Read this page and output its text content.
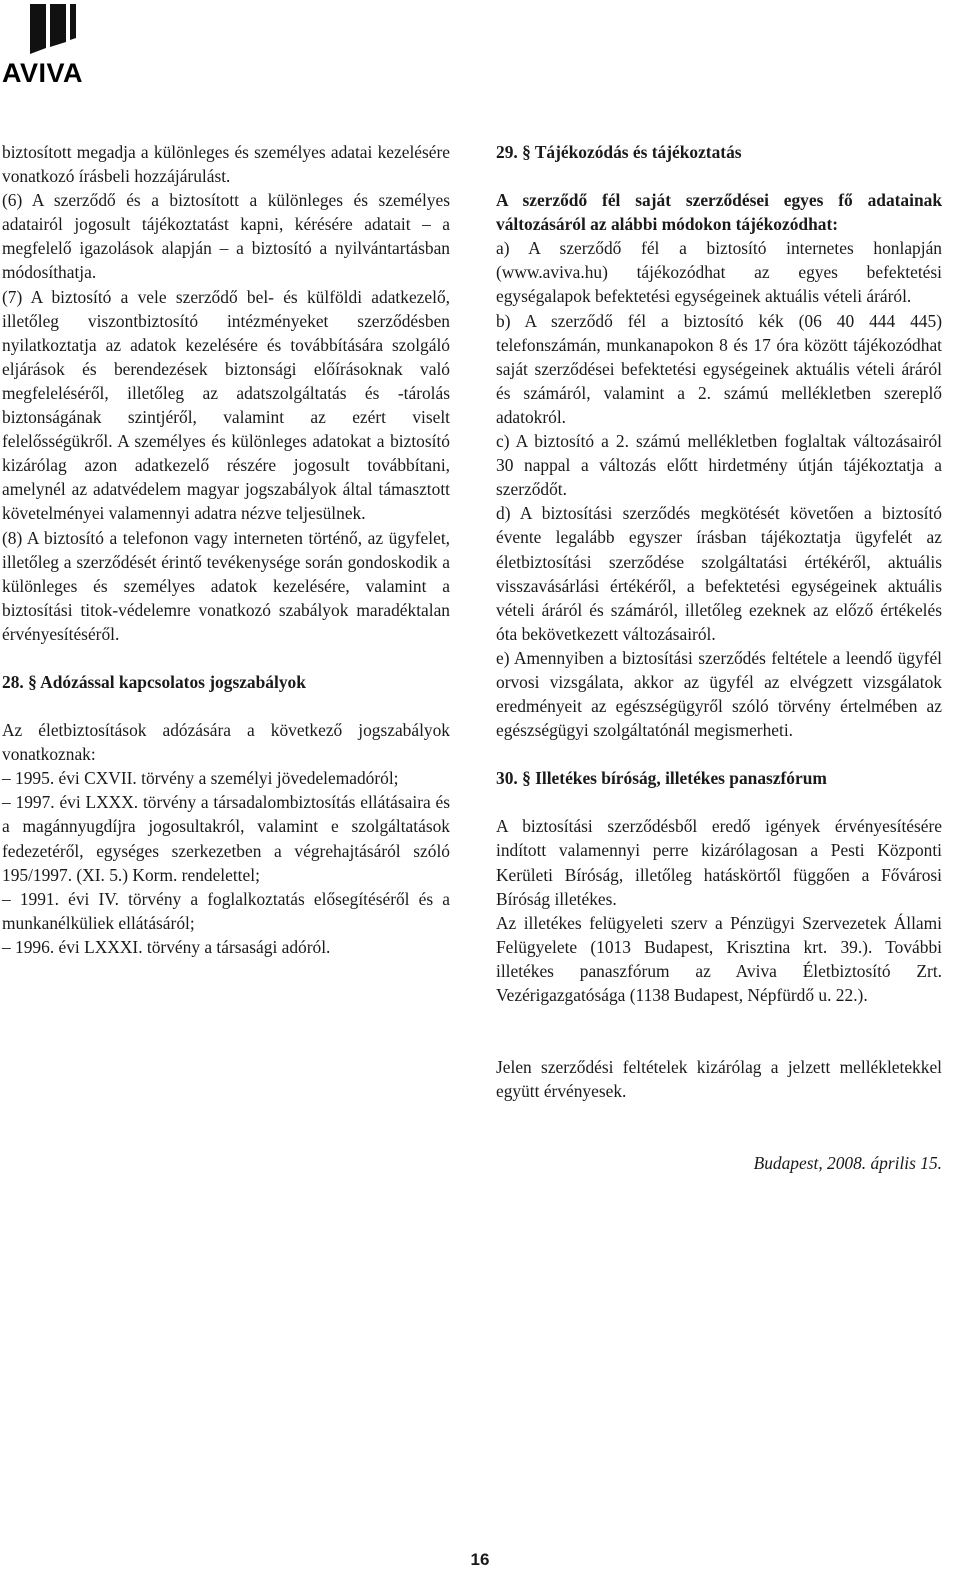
AVIVA

biztosított megadja a különleges és személyes adatai kezelésére vonatkozó írásbeli hozzájárulást.

(6) A szerződő és a biztosított a különleges és személyes adatairól jogosult tájékoztatást kapni, kérésére adatait – a megfelelő igazolások alapján – a biztosító a nyilvántartásban módosíthatja.

(7) A biztosító a vele szerződő bel- és külföldi adatkezelő, illetőleg viszontbiztosító intézményeket szerződésben nyilatkoztatja az adatok kezelésére és továbbítására szolgáló eljárások és berendezések biztonsági előírásoknak való megfeleléséről, illetőleg az adatszolgáltatás és -tárolás biztonságának szintjéről, valamint az ezért viselt felelősségükről. A személyes és különleges adatokat a biztosító kizárólag azon adatkezelő részére jogosult továbbítani, amelynél az adatvédelem magyar jogszabályok által támasztott követelményei valamennyi adatra nézve teljesülnek.

(8) A biztosító a telefonon vagy interneten történő, az ügyfelet, illetőleg a szerződését érintő tevékenysége során gondoskodik a különleges és személyes adatok kezelésére, valamint a biztosítási titok-védelemre vonatkozó szabályok maradéktalan érvényesítéséről.

28. § Adózással kapcsolatos jogszabályok

Az életbiztosítások adózására a következő jogszabályok vonatkoznak:

– 1995. évi CXVII. törvény a személyi jövedelemadóról;

– 1997. évi LXXX. törvény a társadalombiztosítás ellátásaira és a magánnyugdíjra jogosultakról, valamint e szolgáltatások fedezetéről, egységes szerkezetben a végrehajtásáról szóló 195/1997. (XI. 5.) Korm. rendelettel;

– 1991. évi IV. törvény a foglalkoztatás elősegítéséről és a munkanélküliek ellátásáról;

– 1996. évi LXXXI. törvény a társasági adóról.

29. § Tájékozódás és tájékoztatás

A szerződő fél saját szerződései egyes fő adatainak változásáról az alábbi módokon tájékozódhat:

a) A szerződő fél a biztosító internetes honlapján (www.aviva.hu) tájékozódhat az egyes befektetési egységalapok befektetési egységeinek aktuális vételi áráról.

b) A szerződő fél a biztosító kék (06 40 444 445) telefonszámán, munkanapokon 8 és 17 óra között tájékozódhat saját szerződései befektetési egységeinek aktuális vételi áráról és számáról, valamint a 2. számú mellékletben szereplő adatokról.

c) A biztosító a 2. számú mellékletben foglaltak változásairól 30 nappal a változás előtt hirdetmény útján tájékoztatja a szerződőt.

d) A biztosítási szerződés megkötését követően a biztosító évente legalább egyszer írásban tájékoztatja ügyfelét az életbiztosítási szerződése szolgáltatási értékéről, aktuális visszavásárlási értékéről, a befektetési egységeinek aktuális vételi áráról és számáról, illetőleg ezeknek az előző értékelés óta bekövetkezett változásairól.

e) Amennyiben a biztosítási szerződés feltétele a leendő ügyfél orvosi vizsgálata, akkor az ügyfél az elvégzett vizsgálatok eredményeit az egészségügyről szóló törvény értelmében az egészségügyi szolgáltatónál megismerheti.

30. § Illetékes bíróság, illetékes panaszfórum

A biztosítási szerződésből eredő igények érvényesítésére indított valamennyi perre kizárólagosan a Pesti Központi Kerületi Bíróság, illetőleg hatáskörtől függően a Fővárosi Bíróság illetékes.

Az illetékes felügyeleti szerv a Pénzügyi Szervezetek Állami Felügyelete (1013 Budapest, Krisztina krt. 39.). További illetékes panaszfórum az Aviva Életbiztosító Zrt. Vezérigazgatósága (1138 Budapest, Népfürdő u. 22.).

Jelen szerződési feltételek kizárólag a jelzett mellékletekkel együtt érvényesek.

Budapest, 2008. április 15.

16
